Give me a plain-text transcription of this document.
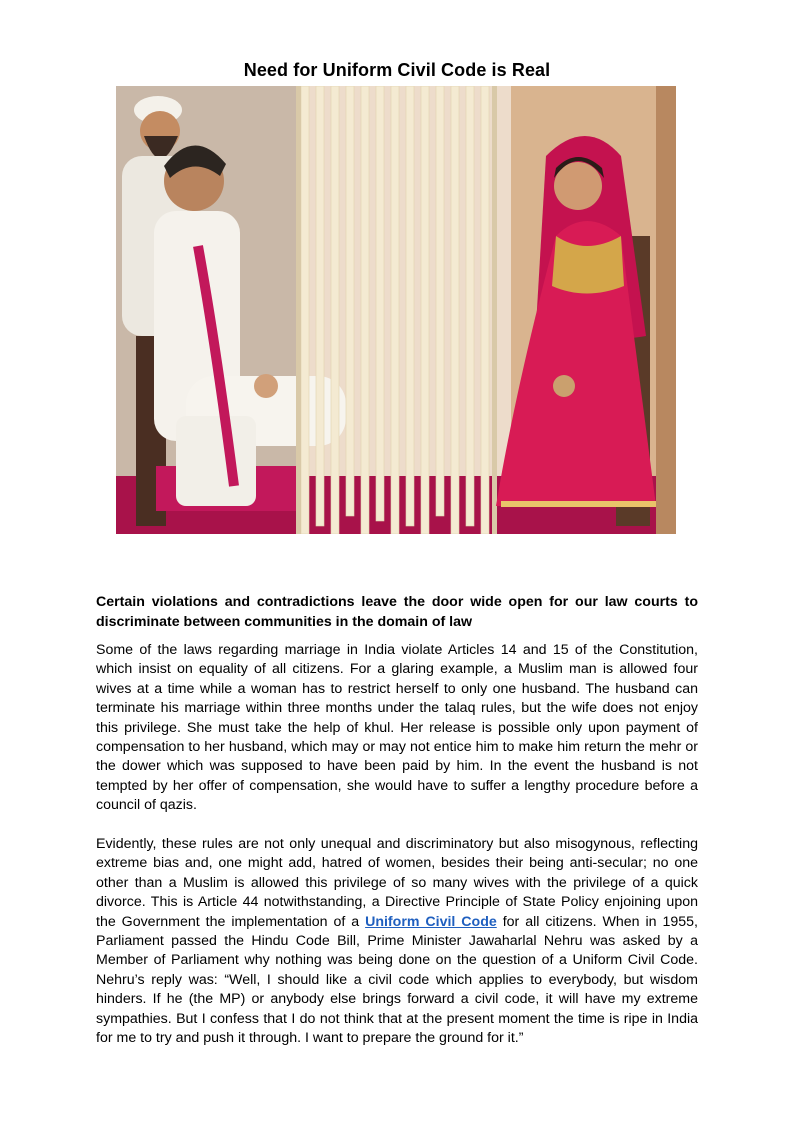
Need for Uniform Civil Code is Real

Certain violations and contradictions leave the door wide open for our law courts to discriminate between communities in the domain of law

Some of the laws regarding marriage in India violate Articles 14 and 15 of the Constitution, which insist on equality of all citizens. For a glaring example, a Muslim man is allowed four wives at a time while a woman has to restrict herself to only one husband. The husband can terminate his marriage within three months under the talaq rules, but the wife does not enjoy this privilege. She must take the help of khul. Her release is possible only upon payment of compensation to her husband, which may or may not entice him to make him return the mehr or the dower which was supposed to have been paid by him. In the event the husband is not tempted by her offer of compensation, she would have to suffer a lengthy procedure before a council of qazis.

Evidently, these rules are not only unequal and discriminatory but also misogynous, reflecting extreme bias and, one might add, hatred of women, besides their being anti-secular; no one other than a Muslim is allowed this privilege of so many wives with the privilege of a quick divorce. This is Article 44 notwithstanding, a Directive Principle of State Policy enjoining upon the Government the implementation of a Uniform Civil Code for all citizens. When in 1955, Parliament passed the Hindu Code Bill, Prime Minister Jawaharlal Nehru was asked by a Member of Parliament why nothing was being done on the question of a Uniform Civil Code. Nehru’s reply was: “Well, I should like a civil code which applies to everybody, but wisdom hinders. If he (the MP) or anybody else brings forward a civil code, it will have my extreme sympathies. But I confess that I do not think that at the present moment the time is ripe in India for me to try and push it through. I want to prepare the ground for it.”
